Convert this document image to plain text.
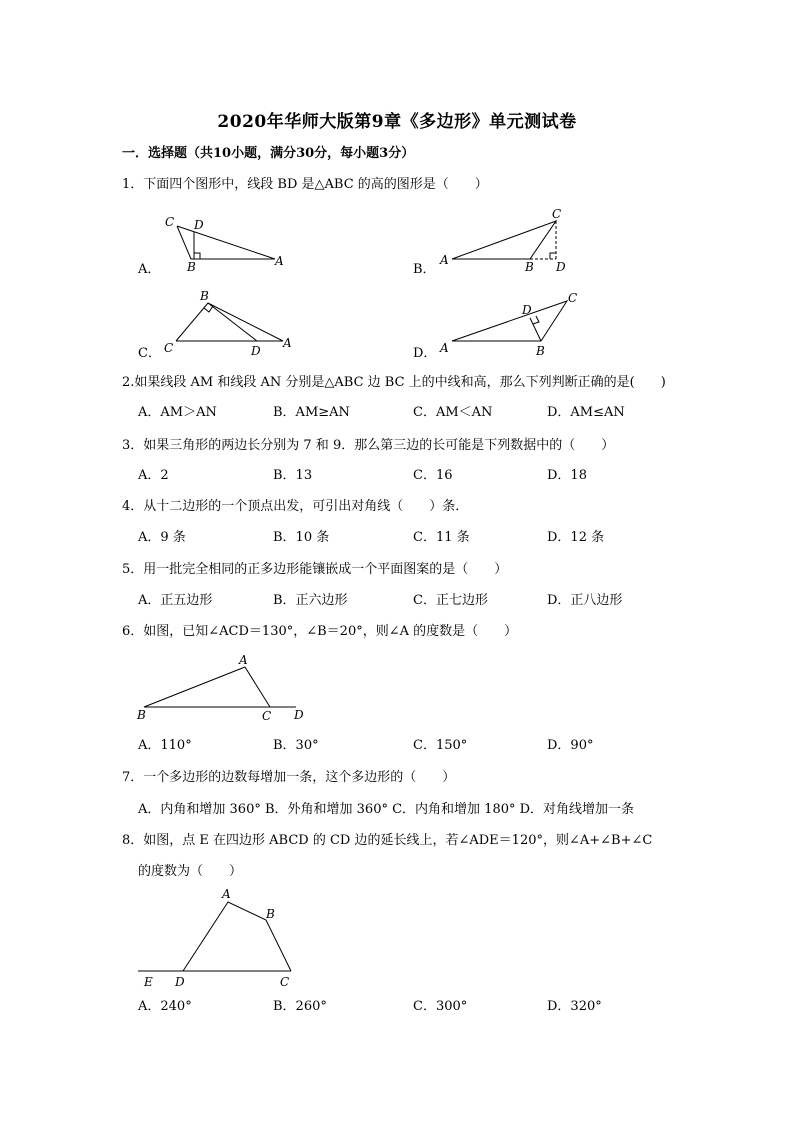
2020年华师大版第9章《多边形》单元测试卷
一．选择题（共10小题，满分30分，每小题3分）
1．下面四个图形中，线段 BD 是△ABC 的高的图形是（　　）
A．
C D
B	A
B．
C
A	B D
C．
B
C	D
A
D．
C
D
A	B
2.如果线段 AM 和线段 AN 分别是△ABC 边 BC 上的中线和高，那么下列判断正确的是(　　)
A．AM＞AN	B．AM≥AN	C．AM＜AN	D．AM≤AN
3．如果三角形的两边长分别为 7 和 9．那么第三边的长可能是下列数据中的（　　）
A．2	B．13	C．16	D．18
4．从十二边形的一个顶点出发，可引出对角线（　　）条．
A．9 条	B．10 条	C．11 条	D．12 条
5．用一批完全相同的正多边形能镶嵌成一个平面图案的是（　　）
A．正五边形	B．正六边形	C．正七边形	D．正八边形
6．如图，已知∠ACD＝130°，∠B＝20°，则∠A 的度数是（　　）
A
B	C D
A．110°	B．30°	C．150°	D．90°
7．一个多边形的边数每增加一条，这个多边形的（　　）
A．内角和增加 360° B．外角和增加 360° C．内角和增加 180° D．对角线增加一条
8．如图，点 E 在四边形 ABCD 的 CD 边的延长线上，若∠ADE＝120°，则∠A+∠B+∠C
的度数为（　　）
A
B
C
D
E
A．240°	B．260°	C．300°	D．320°
